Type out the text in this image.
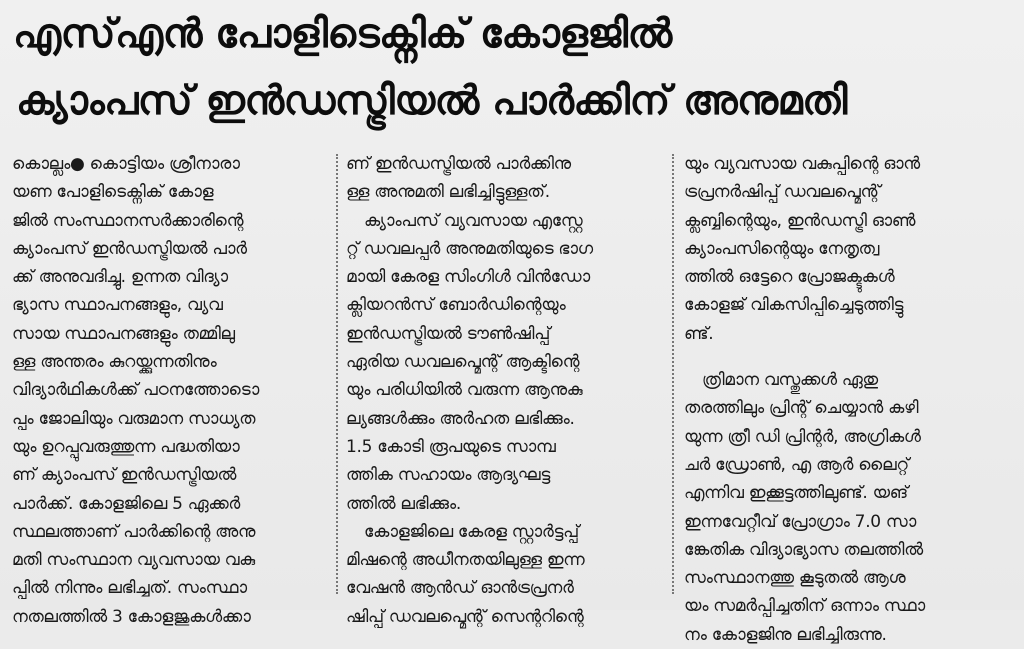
എസ്എൻ പോളിടെക്നിക് കോളജിൽ
ക്യാംപസ് ഇൻഡസ്ട്രിയൽ പാർക്കിന് അനുമതി
കൊല്ലം● കൊട്ടിയം ശ്രീനാരാ
യണ പോളിടെക്നിക് കോള
ജിൽ സംസ്ഥാനസർക്കാരിന്റെ
ക്യാംപസ് ഇൻഡസ്ട്രിയൽ പാർ
ക്ക് അനുവദിച്ചു. ഉന്നത വിദ്യാ
ഭ്യാസ സ്ഥാപനങ്ങളും, വ്യവ
സായ സ്ഥാപനങ്ങളും തമ്മിലു
ള്ള അന്തരം കുറയ്ക്കുന്നതിനും
വിദ്യാർഥികൾക്ക് പഠനത്തോടൊ
പ്പം ജോലിയും വരുമാന സാധ്യത
യും ഉറപ്പുവരുത്തുന്ന പദ്ധതിയാ
ണ് ക്യാംപസ് ഇൻഡസ്ട്രിയൽ
പാർക്ക്. കോളജിലെ 5 ഏക്കർ
സ്ഥലത്താണ് പാർക്കിന്റെ അനു
മതി സംസ്ഥാന വ്യവസായ വകു
പ്പിൽ നിന്നും ലഭിച്ചത്. സംസ്ഥാ
നതലത്തിൽ 3 കോളജുകൾക്കാ
ണ് ഇൻഡസ്ട്രിയൽ പാർക്കിനു
ള്ള അനുമതി ലഭിച്ചിട്ടുള്ളത്.
ക്യാംപസ് വ്യവസായ എസ്റ്റേ
റ്റ് ഡവലപ്പർ അനുമതിയുടെ ഭാഗ
മായി കേരള സിംഗിൾ വിൻഡോ
ക്ലിയറൻസ് ബോർഡിന്റെയും
ഇൻഡസ്ട്രിയൽ ടൗൺഷിപ്പ്
ഏരിയ ഡവലപ്മെന്റ് ആക്ടിന്റെ
യും പരിധിയിൽ വരുന്ന ആനുകു
ല്യങ്ങൾക്കും അർഹത ലഭിക്കും.
1.5 കോടി രൂപയുടെ സാമ്പ
ത്തിക സഹായം ആദ്യഘട്ട
ത്തിൽ ലഭിക്കും.
കോളജിലെ കേരള സ്റ്റാർട്ടപ്പ്
മിഷന്റെ അധീനതയിലുള്ള ഇന്ന
വേഷൻ ആൻഡ് ഓൻട്രപ്രനർ
ഷിപ്പ് ഡവലപ്മെന്റ് സെന്ററിന്റെ
യും വ്യവസായ വകുപ്പിന്റെ ഓൻ
ട്രപ്രനർഷിപ്പ് ഡവലപ്മെന്റ്
ക്ലബ്ബിന്റെയും, ഇൻഡസ്ട്രി ഓൺ
ക്യാംപസിന്റെയും നേതൃത്വ
ത്തിൽ ഒട്ടേറെ പ്രോജക്ടുകൾ
കോളജ് വികസിപ്പിച്ചെടുത്തിട്ടു
ണ്ട്.
ത്രിമാന വസ്തുക്കൾ ഏതു
തരത്തിലും പ്രിന്റ് ചെയ്യാൻ കഴി
യുന്ന ത്രീ ഡി പ്രിന്റർ, അഗ്രികൾ
ചർ ഡ്രോൺ, എ ആർ ലൈറ്റ്
എന്നിവ ഇക്കൂട്ടത്തിലുണ്ട്. യങ്
ഇന്നവേറ്റീവ് പ്രോഗ്രാം 7.0 സാ
ങ്കേതിക വിദ്യാഭ്യാസ തലത്തിൽ
സംസ്ഥാനത്തു കൂടുതൽ ആശ
യം സമർപ്പിച്ചതിന് ഒന്നാം സ്ഥാ
നം കോളജിനു ലഭിച്ചിരുന്നു.
